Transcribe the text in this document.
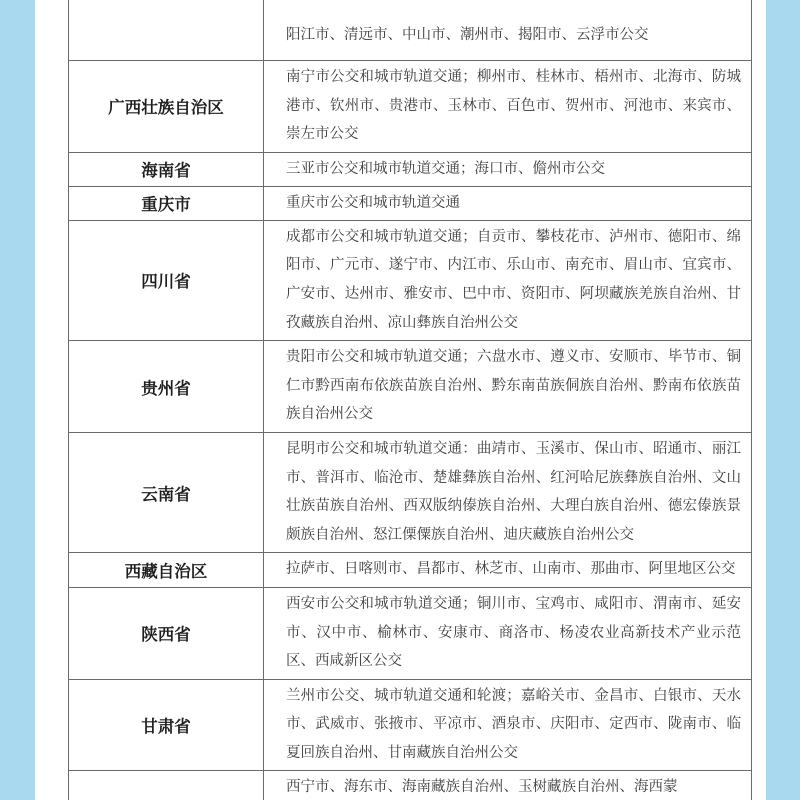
	阳江市、清远市、中山市、潮州市、揭阳市、云浮市公交
广西壮族自治区	南宁市公交和城市轨道交通；柳州市、桂林市、梧州市、北海市、防城港市、钦州市、贵港市、玉林市、百色市、贺州市、河池市、来宾市、崇左市公交
海南省	三亚市公交和城市轨道交通；海口市、儋州市公交
重庆市	重庆市公交和城市轨道交通
四川省	成都市公交和城市轨道交通；自贡市、攀枝花市、泸州市、德阳市、绵阳市、广元市、遂宁市、内江市、乐山市、南充市、眉山市、宜宾市、广安市、达州市、雅安市、巴中市、资阳市、阿坝藏族羌族自治州、甘孜藏族自治州、凉山彝族自治州公交
贵州省	贵阳市公交和城市轨道交通；六盘水市、遵义市、安顺市、毕节市、铜仁市黔西南布依族苗族自治州、黔东南苗族侗族自治州、黔南布依族苗族自治州公交
云南省	昆明市公交和城市轨道交通：曲靖市、玉溪市、保山市、昭通市、丽江市、普洱市、临沧市、楚雄彝族自治州、红河哈尼族彝族自治州、文山壮族苗族自治州、西双版纳傣族自治州、大理白族自治州、德宏傣族景颇族自治州、怒江傈僳族自治州、迪庆藏族自治州公交
西藏自治区	拉萨市、日喀则市、昌都市、林芝市、山南市、那曲市、阿里地区公交
陕西省	西安市公交和城市轨道交通；铜川市、宝鸡市、咸阳市、渭南市、延安市、汉中市、榆林市、安康市、商洛市、杨凌农业高新技术产业示范区、西咸新区公交
甘肃省	兰州市公交、城市轨道交通和轮渡；嘉峪关市、金昌市、白银市、天水市、武威市、张掖市、平凉市、酒泉市、庆阳市、定西市、陇南市、临夏回族自治州、甘南藏族自治州公交
	西宁市、海东市、海南藏族自治州、玉树藏族自治州、海西蒙
